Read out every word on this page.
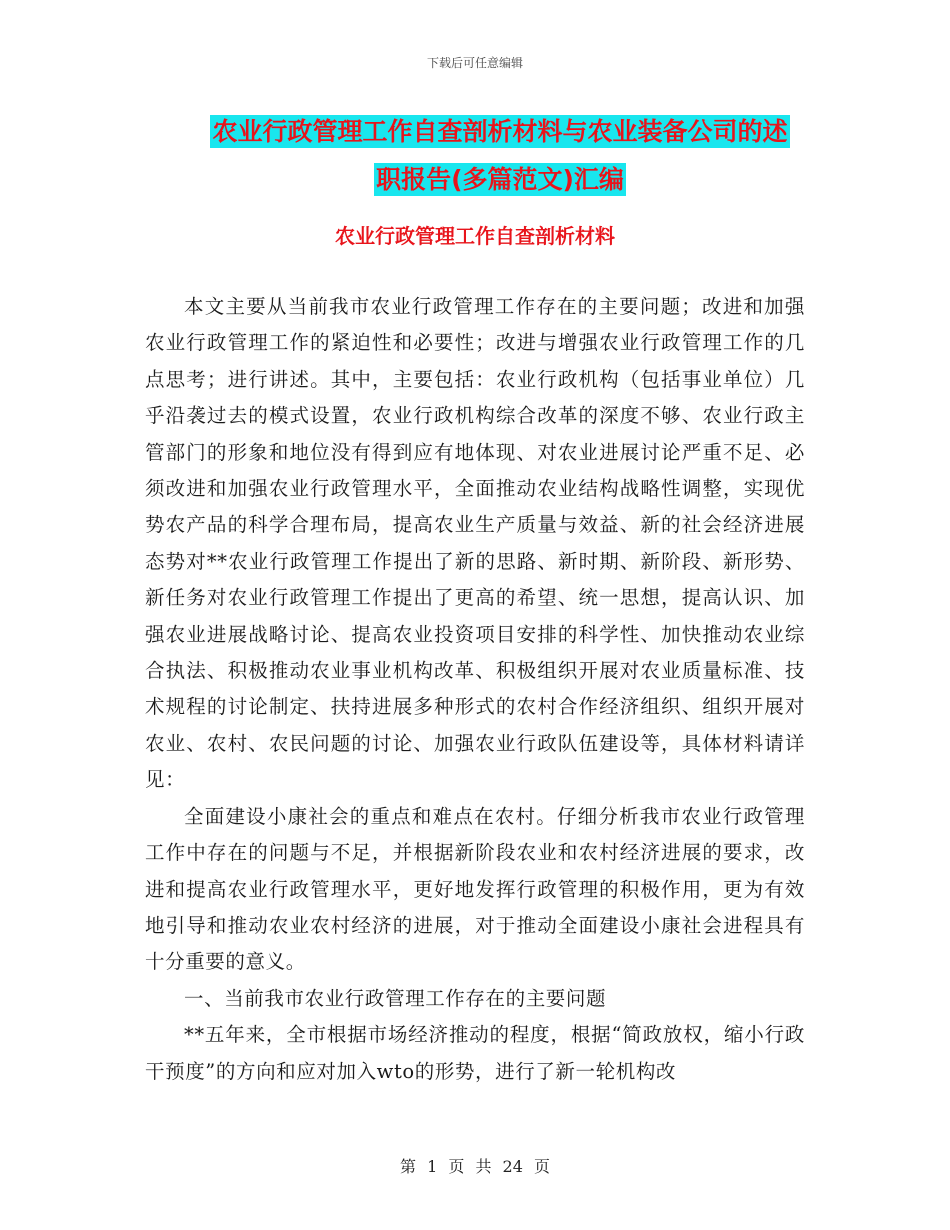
下载后可任意编辑
农业行政管理工作自查剖析材料与农业装备公司的述
职报告(多篇范文)汇编
农业行政管理工作自查剖析材料

本文主要从当前我市农业行政管理工作存在的主要问题；改进和加强农业行政管理工作的紧迫性和必要性；改进与增强农业行政管理工作的几点思考；进行讲述。其中，主要包括：农业行政机构（包括事业单位）几乎沿袭过去的模式设置，农业行政机构综合改革的深度不够、农业行政主管部门的形象和地位没有得到应有地体现、对农业进展讨论严重不足、必须改进和加强农业行政管理水平，全面推动农业结构战略性调整，实现优势农产品的科学合理布局，提高农业生产质量与效益、新的社会经济进展态势对**农业行政管理工作提出了新的思路、新时期、新阶段、新形势、新任务对农业行政管理工作提出了更高的希望、统一思想，提高认识、加强农业进展战略讨论、提高农业投资项目安排的科学性、加快推动农业综合执法、积极推动农业事业机构改革、积极组织开展对农业质量标准、技术规程的讨论制定、扶持进展多种形式的农村合作经济组织、组织开展对农业、农村、农民问题的讨论、加强农业行政队伍建设等，具体材料请详见：

全面建设小康社会的重点和难点在农村。仔细分析我市农业行政管理工作中存在的问题与不足，并根据新阶段农业和农村经济进展的要求，改进和提高农业行政管理水平，更好地发挥行政管理的积极作用，更为有效地引导和推动农业农村经济的进展，对于推动全面建设小康社会进程具有十分重要的意义。

一、当前我市农业行政管理工作存在的主要问题

**五年来，全市根据市场经济推动的程度，根据“简政放权，缩小行政干预度”的方向和应对加入wto的形势，进行了新一轮机构改

第 1 页 共 24 页
